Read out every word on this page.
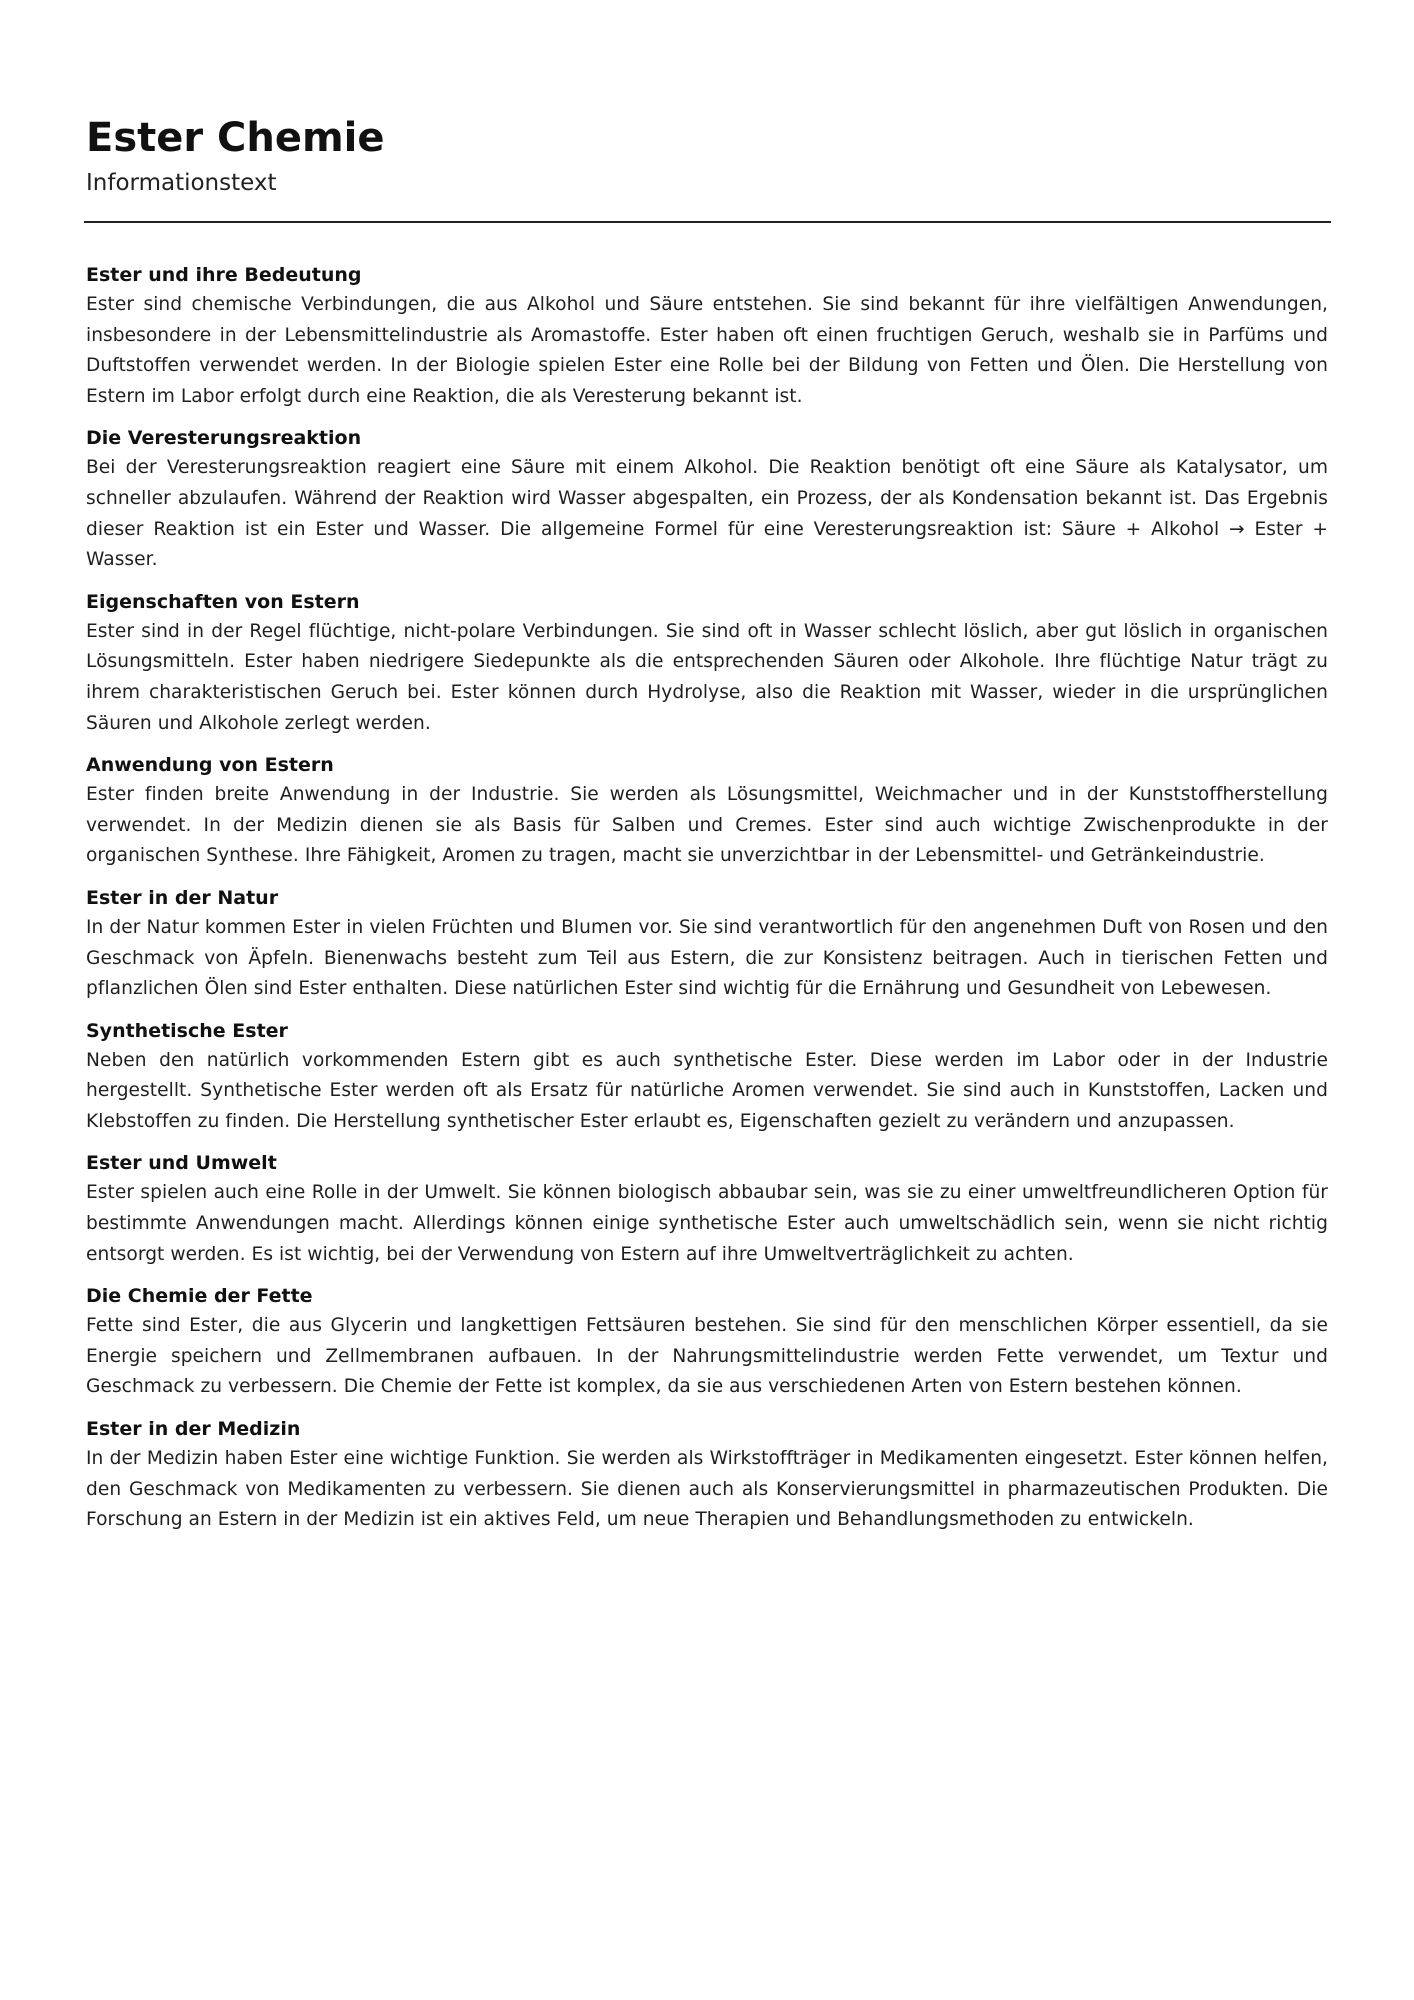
Ester Chemie
Informationstext
Ester und ihre Bedeutung

Ester sind chemische Verbindungen, die aus Alkohol und Säure entstehen. Sie sind bekannt für ihre vielfältigen Anwendungen, insbesondere in der Lebensmittelindustrie als Aromastoffe. Ester haben oft einen fruchtigen Geruch, weshalb sie in Parfüms und Duftstoffen verwendet werden. In der Biologie spielen Ester eine Rolle bei der Bildung von Fetten und Ölen. Die Herstellung von Estern im Labor erfolgt durch eine Reaktion, die als Veresterung bekannt ist.

Die Veresterungsreaktion

Bei der Veresterungsreaktion reagiert eine Säure mit einem Alkohol. Die Reaktion benötigt oft eine Säure als Katalysator, um schneller abzulaufen. Während der Reaktion wird Wasser abgespalten, ein Prozess, der als Kondensation bekannt ist. Das Ergebnis dieser Reaktion ist ein Ester und Wasser. Die allgemeine Formel für eine Veresterungsreaktion ist: Säure + Alkohol → Ester + Wasser.

Eigenschaften von Estern

Ester sind in der Regel flüchtige, nicht-polare Verbindungen. Sie sind oft in Wasser schlecht löslich, aber gut löslich in organischen Lösungsmitteln. Ester haben niedrigere Siedepunkte als die entsprechenden Säuren oder Alkohole. Ihre flüchtige Natur trägt zu ihrem charakteristischen Geruch bei. Ester können durch Hydrolyse, also die Reaktion mit Wasser, wieder in die ursprünglichen Säuren und Alkohole zerlegt werden.

Anwendung von Estern

Ester finden breite Anwendung in der Industrie. Sie werden als Lösungsmittel, Weichmacher und in der Kunststoffherstellung verwendet. In der Medizin dienen sie als Basis für Salben und Cremes. Ester sind auch wichtige Zwischenprodukte in der organischen Synthese. Ihre Fähigkeit, Aromen zu tragen, macht sie unverzichtbar in der Lebensmittel- und Getränkeindustrie.

Ester in der Natur

In der Natur kommen Ester in vielen Früchten und Blumen vor. Sie sind verantwortlich für den angenehmen Duft von Rosen und den Geschmack von Äpfeln. Bienenwachs besteht zum Teil aus Estern, die zur Konsistenz beitragen. Auch in tierischen Fetten und pflanzlichen Ölen sind Ester enthalten. Diese natürlichen Ester sind wichtig für die Ernährung und Gesundheit von Lebewesen.

Synthetische Ester

Neben den natürlich vorkommenden Estern gibt es auch synthetische Ester. Diese werden im Labor oder in der Industrie hergestellt. Synthetische Ester werden oft als Ersatz für natürliche Aromen verwendet. Sie sind auch in Kunststoffen, Lacken und Klebstoffen zu finden. Die Herstellung synthetischer Ester erlaubt es, Eigenschaften gezielt zu verändern und anzupassen.

Ester und Umwelt

Ester spielen auch eine Rolle in der Umwelt. Sie können biologisch abbaubar sein, was sie zu einer umweltfreundlicheren Option für bestimmte Anwendungen macht. Allerdings können einige synthetische Ester auch umweltschädlich sein, wenn sie nicht richtig entsorgt werden. Es ist wichtig, bei der Verwendung von Estern auf ihre Umweltverträglichkeit zu achten.

Die Chemie der Fette

Fette sind Ester, die aus Glycerin und langkettigen Fettsäuren bestehen. Sie sind für den menschlichen Körper essentiell, da sie Energie speichern und Zellmembranen aufbauen. In der Nahrungsmittelindustrie werden Fette verwendet, um Textur und Geschmack zu verbessern. Die Chemie der Fette ist komplex, da sie aus verschiedenen Arten von Estern bestehen können.

Ester in der Medizin

In der Medizin haben Ester eine wichtige Funktion. Sie werden als Wirkstoffträger in Medikamenten eingesetzt. Ester können helfen, den Geschmack von Medikamenten zu verbessern. Sie dienen auch als Konservierungsmittel in pharmazeutischen Produkten. Die Forschung an Estern in der Medizin ist ein aktives Feld, um neue Therapien und Behandlungsmethoden zu entwickeln.
